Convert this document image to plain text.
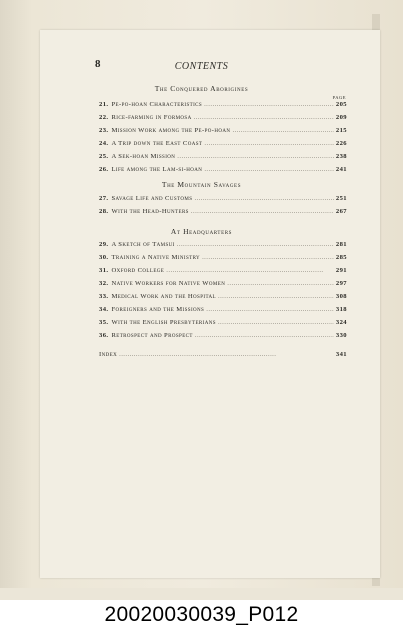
8	CONTENTS
The Conquered Aborigines
PAGE
21. Pe-po-hoan Characteristics . . .	205
22. Rice-farming in Formosa . . .	209
23. Mission Work among the Pe-po-hoan . . .	215
24. A Trip down the East Coast . . .	226
25. A Sek-hoan Mission . . .	238
26. Life among the Lam-si-hoan . . .	241
The Mountain Savages
27. Savage Life and Customs . . .	251
28. With the Head-Hunters . . .	267
At Headquarters
29. A Sketch of Tamsui . . .	281
30. Training a Native Ministry . . .	285
31. Oxford College . . .	291
32. Native Workers for Native Women . . .	297
33. Medical Work and the Hospital . . .	308
34. Foreigners and the Missions . . .	318
35. With the English Presbyterians . . .	324
36. Retrospect and Prospect . . .	330
Index . . .	341
20020030039_P012
